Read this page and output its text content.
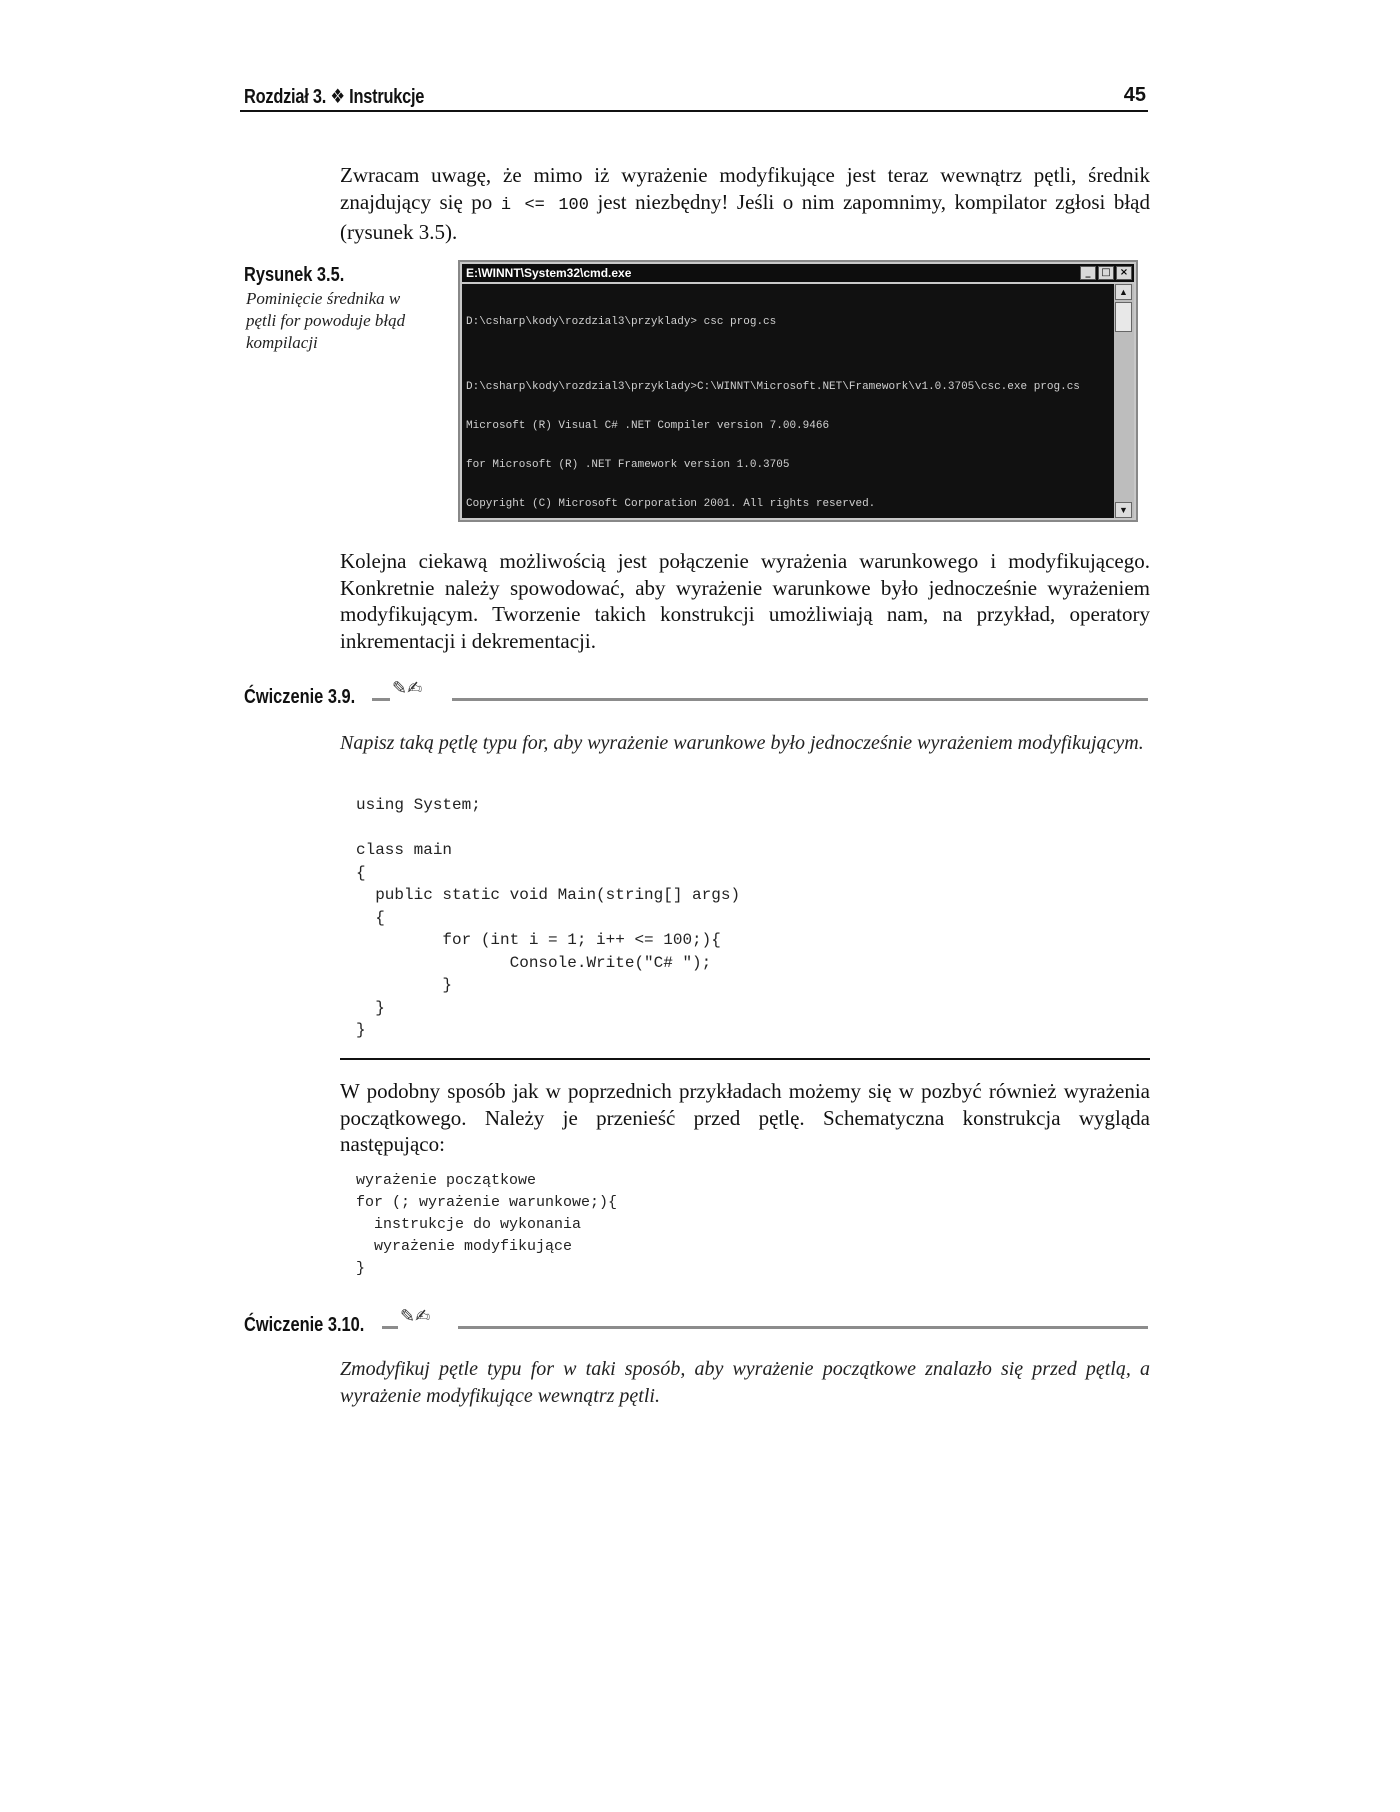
Rozdział 3. ❖ Instrukcje	45
Zwracam uwagę, że mimo iż wyrażenie modyfikujące jest teraz wewnątrz pętli, średnik znajdujący się po i <= 100 jest niezbędny! Jeśli o nim zapomnimy, kompilator zgłosi błąd (rysunek 3.5).
Rysunek 3.5.
Pominięcie średnika w pętli for powoduje błąd kompilacji
E:\WINNT\System32\cmd.exe	_	□ ×

D:\csharp\kody\rozdzial3\przyklady> csc prog.cs

D:\csharp\kody\rozdzial3\przyklady>C:\WINNT\Microsoft.NET\Framework\v1.0.3705\csc.exe prog.cs

Microsoft (R) Visual C# .NET Compiler version 7.00.9466

for Microsoft (R) .NET Framework version 1.0.3705

Copyright (C) Microsoft Corporation 2001. All rights reserved.

▲
▼
Kolejna ciekawą możliwością jest połączenie wyrażenia warunkowego i modyfikującego. Konkretnie należy spowodować, aby wyrażenie warunkowe było jednocześnie wyrażeniem modyfikującym. Tworzenie takich konstrukcji umożliwiają nam, na przykład, operatory inkrementacji i dekrementacji.
Ćwiczenie 3.9. ✎✍
Napisz taką pętlę typu for, aby wyrażenie warunkowe było jednocześnie wyrażeniem modyfikującym.
using System;

class main
{
public static void Main(string[] args)
{
for (int i = 1; i++ <= 100;){
Console.Write("C# ");
}
}
}
W podobny sposób jak w poprzednich przykładach możemy się w pozbyć również wyrażenia początkowego. Należy je przenieść przed pętlę. Schematyczna konstrukcja wygląda następująco:
wyrażenie początkowe
for (; wyrażenie warunkowe;){
instrukcje do wykonania
wyrażenie modyfikujące
}
Ćwiczenie 3.10. ✎✍
Zmodyfikuj pętle typu for w taki sposób, aby wyrażenie początkowe znalazło się przed pętlą, a wyrażenie modyfikujące wewnątrz pętli.
